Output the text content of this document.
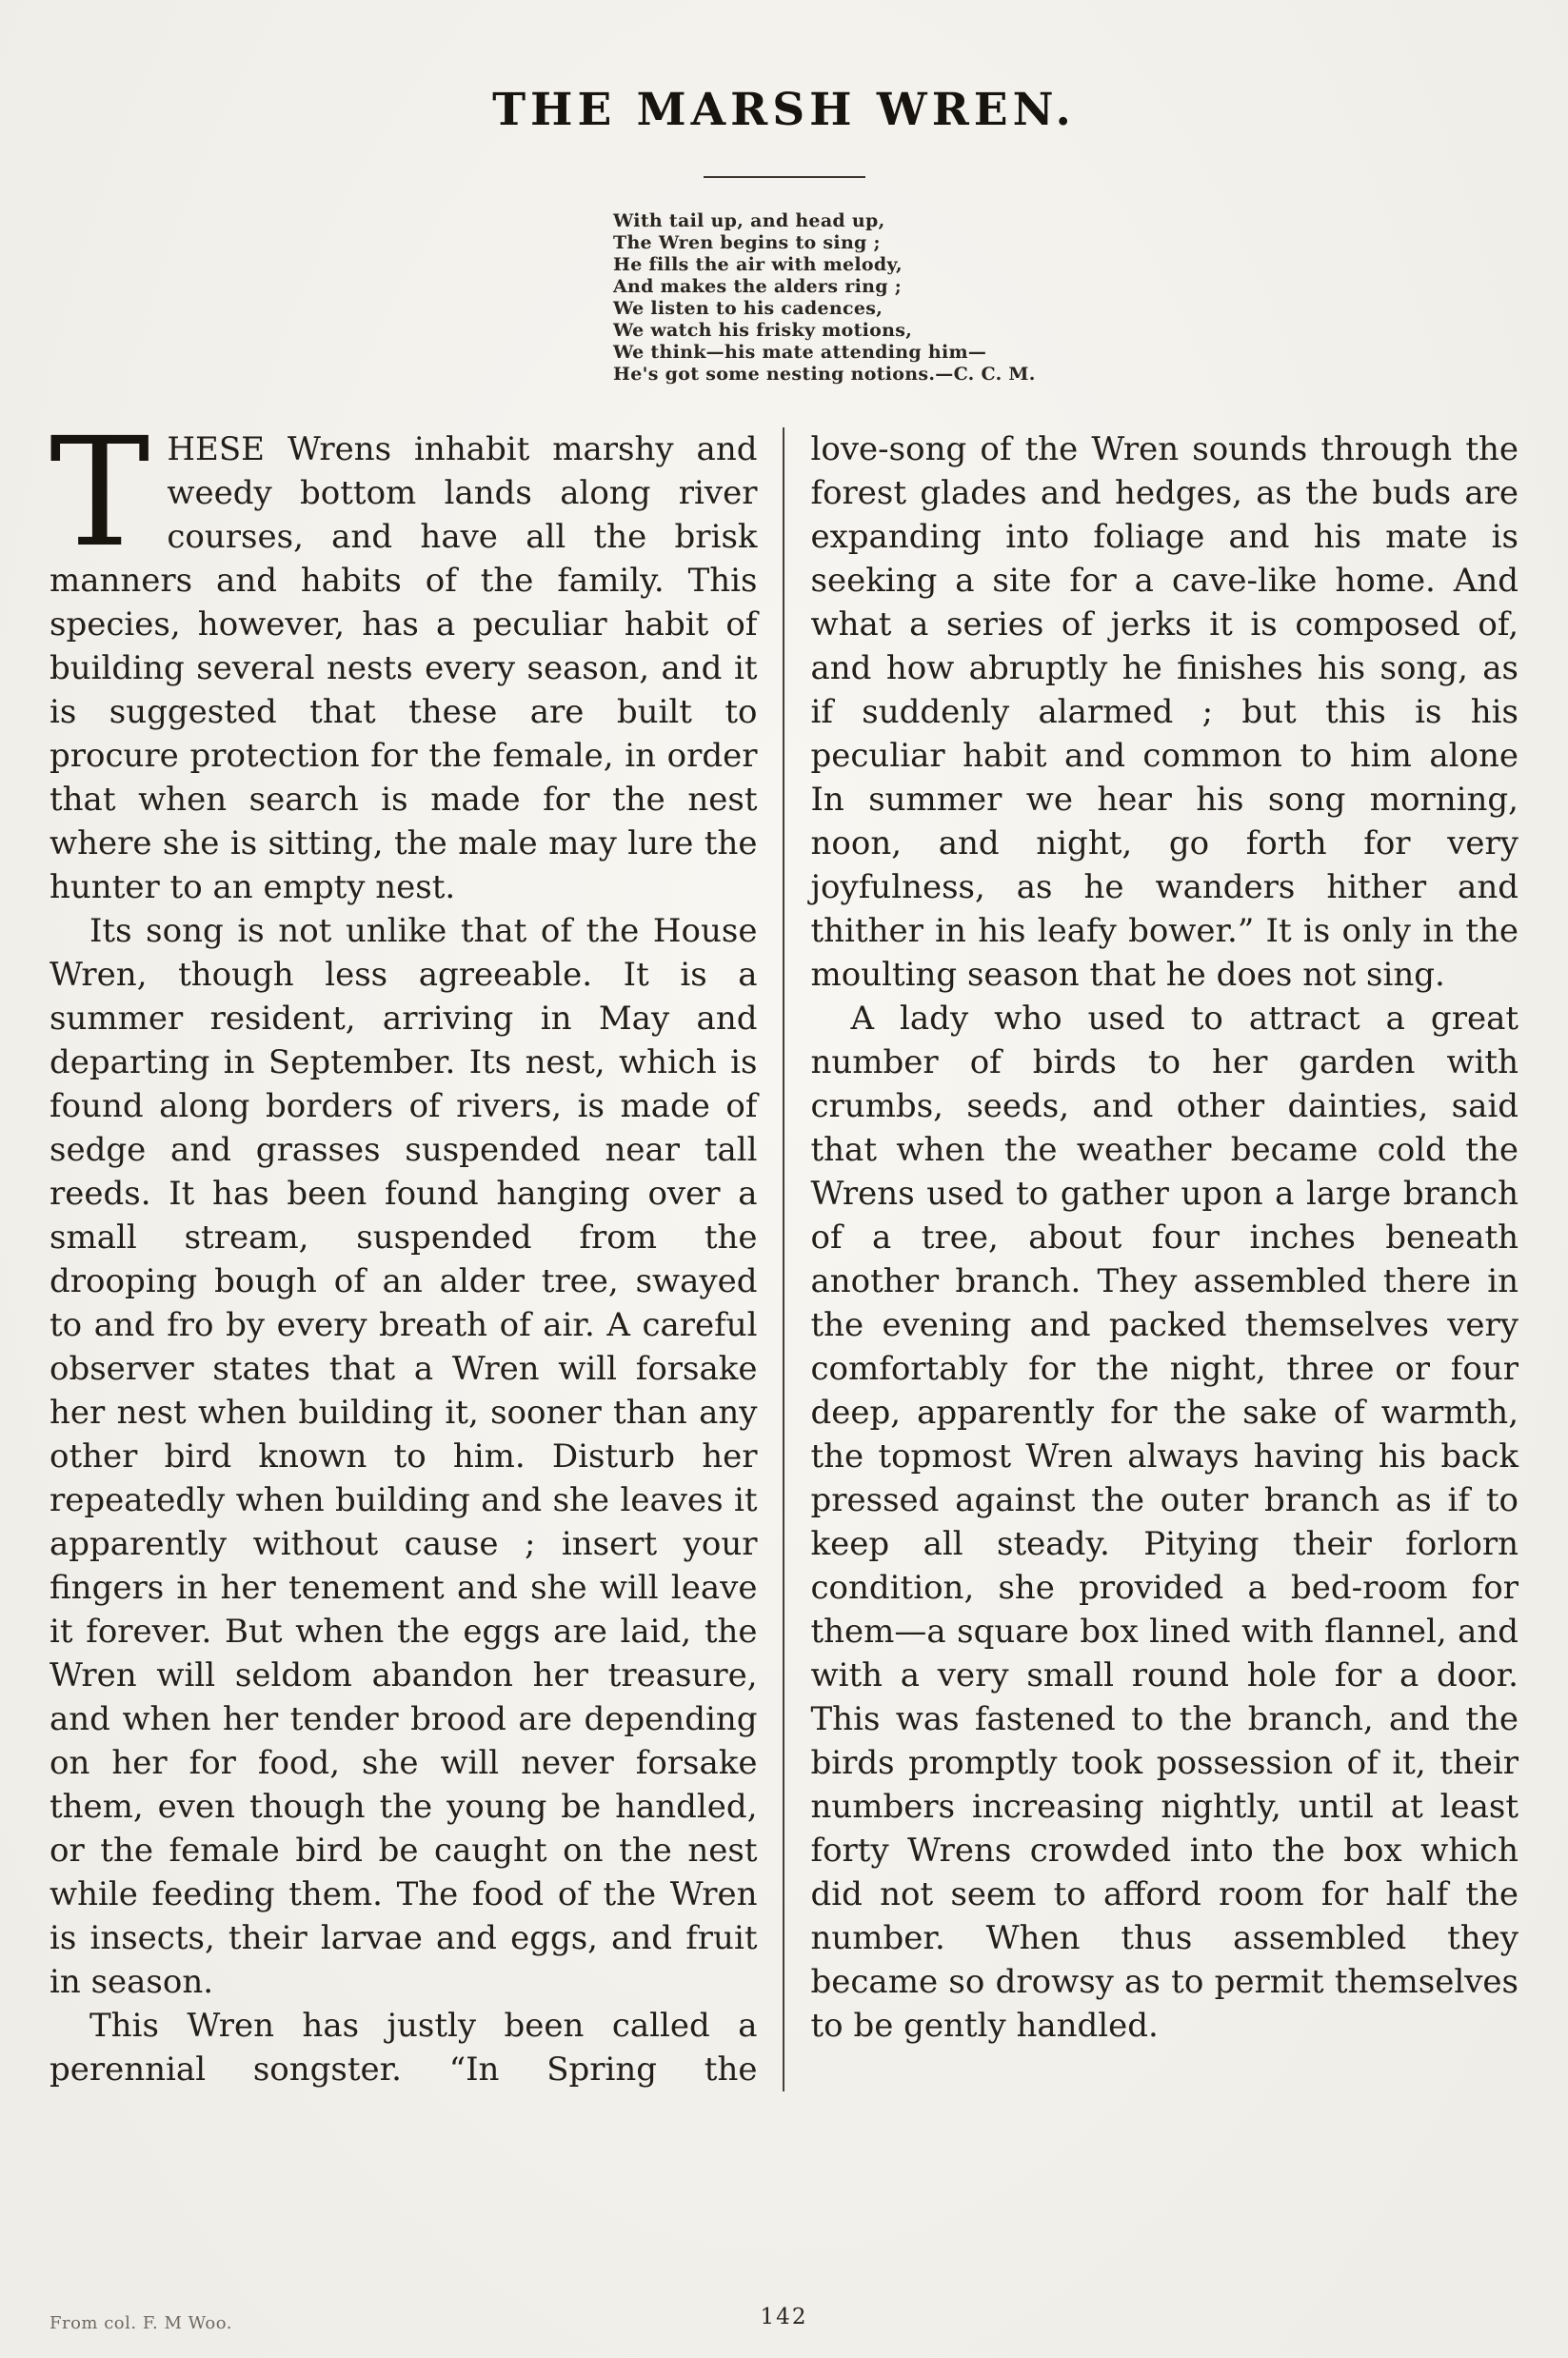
THE MARSH WREN.
With tail up, and head up,
The Wren begins to sing ;
He fills the air with melody,
And makes the alders ring ;
We listen to his cadences,
We watch his frisky motions,
We think—his mate attending him—
He's got some nesting notions.—C. C. M.

THESE Wrens inhabit marshy and weedy bottom lands along river courses, and have all the brisk manners and habits of the family. This species, however, has a peculiar habit of building several nests every season, and it is suggested that these are built to procure protection for the female, in order that when search is made for the nest where she is sitting, the male may lure the hunter to an empty nest.

Its song is not unlike that of the House Wren, though less agreeable. It is a summer resident, arriving in May and departing in September. Its nest, which is found along borders of rivers, is made of sedge and grasses suspended near tall reeds. It has been found hanging over a small stream, suspended from the drooping bough of an alder tree, swayed to and fro by every breath of air. A careful observer states that a Wren will forsake her nest when building it, sooner than any other bird known to him. Disturb her repeatedly when building and she leaves it apparently without cause ; insert your fingers in her tenement and she will leave it forever. But when the eggs are laid, the Wren will seldom abandon her treasure, and when her tender brood are depending on her for food, she will never forsake them, even though the young be handled, or the female bird be caught on the nest while feeding them. The food of the Wren is insects, their larvae and eggs, and fruit in season.

This Wren has justly been called a perennial songster. “In Spring the

love-song of the Wren sounds through the forest glades and hedges, as the buds are expanding into foliage and his mate is seeking a site for a cave-like home. And what a series of jerks it is composed of, and how abruptly he finishes his song, as if suddenly alarmed ; but this is his peculiar habit and common to him alone In summer we hear his song morning, noon, and night, go forth for very joyfulness, as he wanders hither and thither in his leafy bower.” It is only in the moulting season that he does not sing.

A lady who used to attract a great number of birds to her garden with crumbs, seeds, and other dainties, said that when the weather became cold the Wrens used to gather upon a large branch of a tree, about four inches beneath another branch. They assembled there in the evening and packed themselves very comfortably for the night, three or four deep, apparently for the sake of warmth, the topmost Wren always having his back pressed against the outer branch as if to keep all steady. Pitying their forlorn condition, she provided a bed-room for them—a square box lined with flannel, and with a very small round hole for a door. This was fastened to the branch, and the birds promptly took possession of it, their numbers increasing nightly, until at least forty Wrens crowded into the box which did not seem to afford room for half the number. When thus assembled they became so drowsy as to permit themselves to be gently handled.

From col. F. M Woo.	142
